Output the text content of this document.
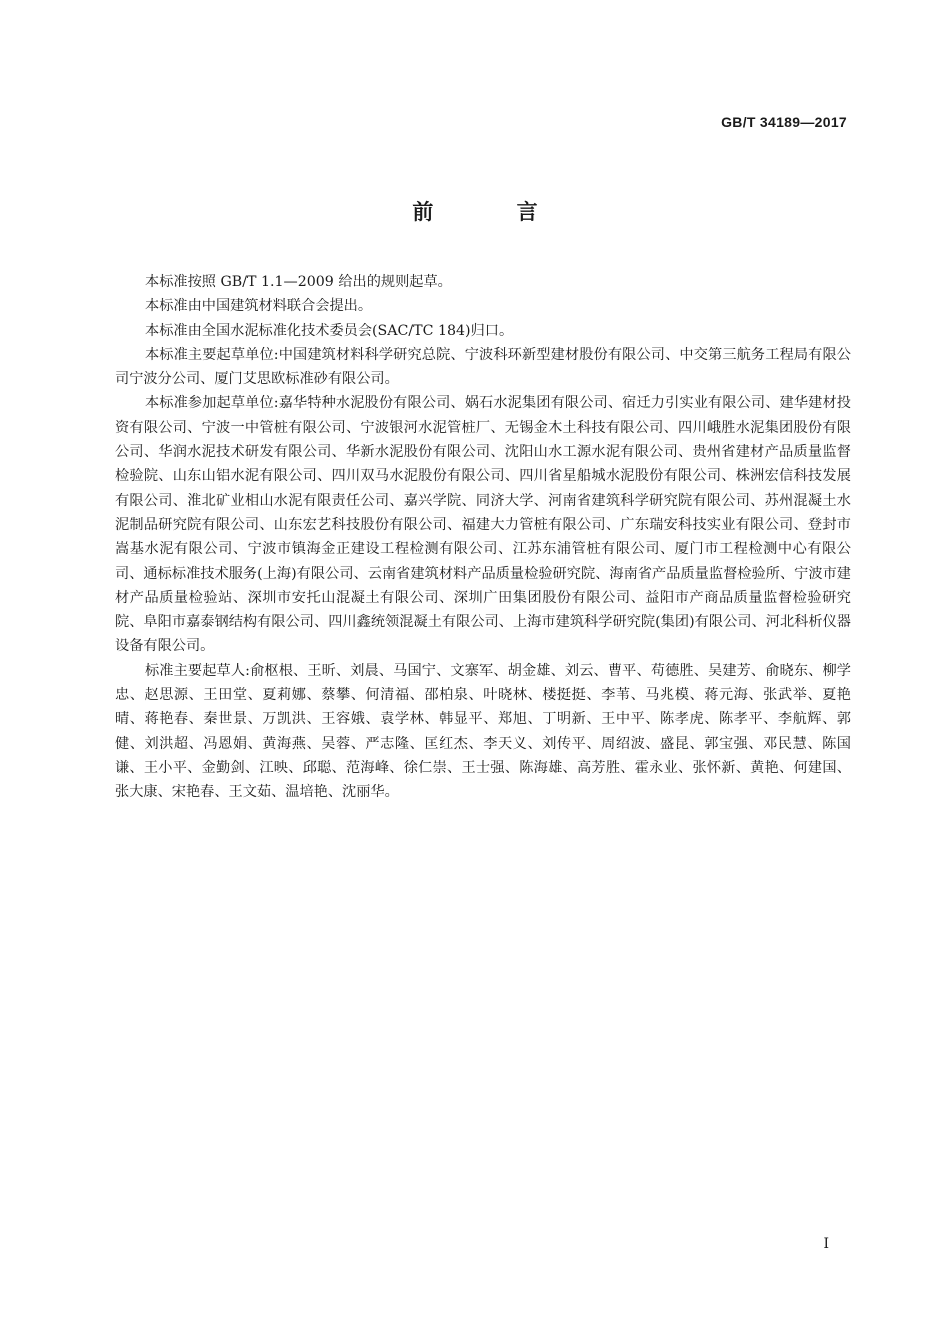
GB/T 34189—2017
前 言

本标准按照 GB/T 1.1—2009 给出的规则起草。

本标准由中国建筑材料联合会提出。

本标准由全国水泥标准化技术委员会(SAC/TC 184)归口。

本标准主要起草单位:中国建筑材料科学研究总院、宁波科环新型建材股份有限公司、中交第三航务工程局有限公司宁波分公司、厦门艾思欧标准砂有限公司。

本标准参加起草单位:嘉华特种水泥股份有限公司、娲石水泥集团有限公司、宿迁力引实业有限公司、建华建材投资有限公司、宁波一中管桩有限公司、宁波银河水泥管桩厂、无锡金木土科技有限公司、四川峨胜水泥集团股份有限公司、华润水泥技术研发有限公司、华新水泥股份有限公司、沈阳山水工源水泥有限公司、贵州省建材产品质量监督检验院、山东山铝水泥有限公司、四川双马水泥股份有限公司、四川省星船城水泥股份有限公司、株洲宏信科技发展有限公司、淮北矿业相山水泥有限责任公司、嘉兴学院、同济大学、河南省建筑科学研究院有限公司、苏州混凝土水泥制品研究院有限公司、山东宏艺科技股份有限公司、福建大力管桩有限公司、广东瑞安科技实业有限公司、登封市嵩基水泥有限公司、宁波市镇海金正建设工程检测有限公司、江苏东浦管桩有限公司、厦门市工程检测中心有限公司、通标标准技术服务(上海)有限公司、云南省建筑材料产品质量检验研究院、海南省产品质量监督检验所、宁波市建材产品质量检验站、深圳市安托山混凝土有限公司、深圳广田集团股份有限公司、益阳市产商品质量监督检验研究院、阜阳市嘉泰钢结构有限公司、四川鑫统领混凝土有限公司、上海市建筑科学研究院(集团)有限公司、河北科析仪器设备有限公司。

标准主要起草人:俞枢根、王昕、刘晨、马国宁、文寨军、胡金雄、刘云、曹平、苟德胜、吴建芳、俞晓东、柳学忠、赵思源、王田堂、夏莉娜、蔡攀、何清福、邵柏泉、叶晓林、楼挺挺、李苇、马兆模、蒋元海、张武举、夏艳晴、蒋艳春、秦世景、万凯洪、王容娥、袁学林、韩显平、郑旭、丁明新、王中平、陈孝虎、陈孝平、李航辉、郭健、刘洪超、冯恩娟、黄海燕、吴蓉、严志隆、匡红杰、李天义、刘传平、周绍波、盛昆、郭宝强、邓民慧、陈国谦、王小平、金勤剑、江映、邱聪、范海峰、徐仁崇、王士强、陈海雄、高芳胜、霍永业、张怀新、黄艳、何建国、张大康、宋艳春、王文茹、温培艳、沈丽华。

I
